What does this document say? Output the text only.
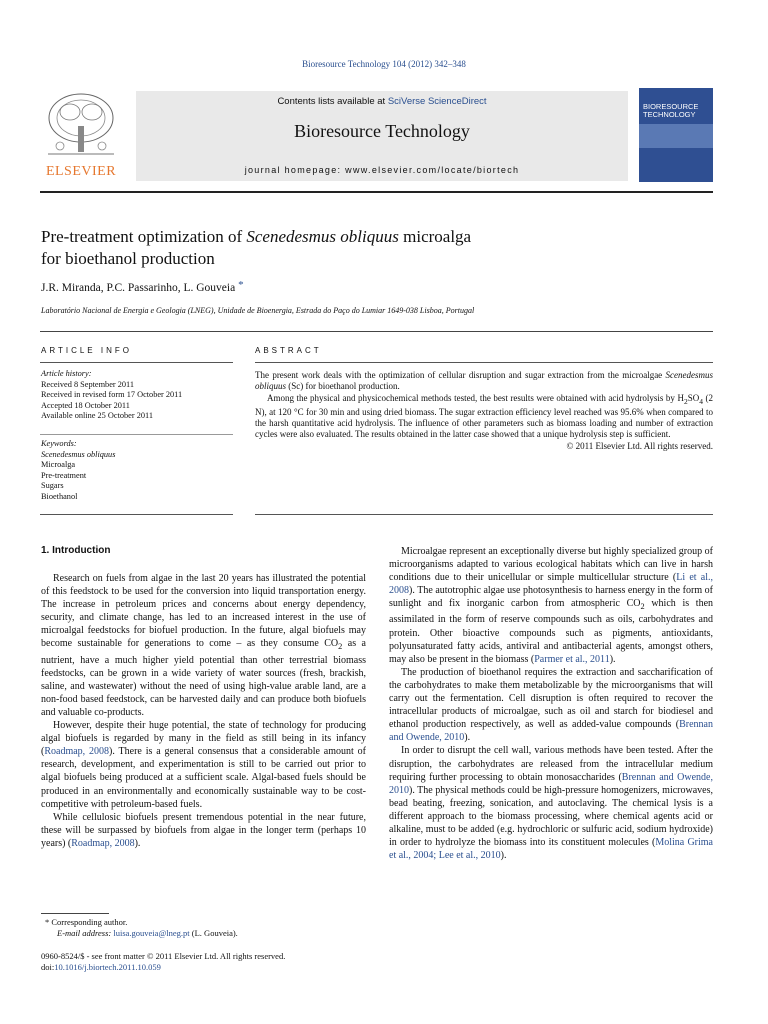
Bioresource Technology 104 (2012) 342–348
ELSEVIER
Contents lists available at SciVerse ScienceDirect
Bioresource Technology
journal homepage: www.elsevier.com/locate/biortech
BIORESOURCE TECHNOLOGY
Pre-treatment optimization of Scenedesmus obliquus microalga
for bioethanol production
J.R. Miranda, P.C. Passarinho, L. Gouveia *
Laboratório Nacional de Energia e Geologia (LNEG), Unidade de Bioenergia, Estrada do Paço do Lumiar 1649-038 Lisboa, Portugal
ARTICLE INFO
Article history:
Received 8 September 2011
Received in revised form 17 October 2011
Accepted 18 October 2011
Available online 25 October 2011
Keywords:
Scenedesmus obliquus
Microalga
Pre-treatment
Sugars
Bioethanol
ABSTRACT

The present work deals with the optimization of cellular disruption and sugar extraction from the microalgae Scenedesmus obliquus (Sc) for bioethanol production.

Among the physical and physicochemical methods tested, the best results were obtained with acid hydrolysis by $H_2SO_4$ (2 N), at 120 °C for 30 min and using dried biomass. The sugar extraction efficiency level reached was 95.6% when compared to the harsh quantitative acid hydrolysis. The influence of other parameters such as biomass loading and number of extraction cycles were also evaluated. The results obtained in the latter case showed that a unique hydrolysis step is sufficient.

© 2011 Elsevier Ltd. All rights reserved.

1. Introduction

Research on fuels from algae in the last 20 years has illustrated the potential of this feedstock to be used for the conversion into liquid transportation energy. The increase in petroleum prices and concerns about energy dependency, security, and climate change, has led to an increased interest in the use of microalgal feedstocks for biofuel production. In the future, algal biofuels may become sustainable for generations to come – as they consume $CO_2$ as a nutrient, have a much higher yield potential than other terrestrial biomass feedstocks, can be grown in a wide variety of water sources (fresh, brackish, saline, and wastewater) without the need of using high-value arable land, are a non-food based feedstock, can be harvested daily and can produce both biofuels and valuable co-products.

However, despite their huge potential, the state of technology for producing algal biofuels is regarded by many in the field as still being in its infancy (Roadmap, 2008). There is a general consensus that a considerable amount of research, development, and experimentation is still to be carried out prior to algal biofuels being produced at a sufficient scale. Algal-based fuels should be produced in an environmentally and economically sustainable way to be cost-competitive with petroleum-based fuels.

While cellulosic biofuels present tremendous potential in the near future, these will be surpassed by biofuels from algae in the longer term (perhaps 10 years) (Roadmap, 2008).

* Corresponding author.
E-mail address: luisa.gouveia@lneg.pt (L. Gouveia).
0960-8524/$ - see front matter © 2011 Elsevier Ltd. All rights reserved.
doi:10.1016/j.biortech.2011.10.059

Microalgae represent an exceptionally diverse but highly specialized group of microorganisms adapted to various ecological habitats which can live in harsh conditions due to their unicellular or simple multicellular structure (Li et al., 2008). The autotrophic algae use photosynthesis to harness energy in the form of sunlight and fix inorganic carbon from atmospheric $CO_2$ which is then assimilated in the form of reserve compounds such as oils, carbohydrates and protein. Other bioactive compounds such as pigments, antioxidants, polyunsaturated fatty acids, antiviral and antibacterial agents, amongst others, may also be present in the biomass (Parmer et al., 2011).

The production of bioethanol requires the extraction and saccharification of the carbohydrates to make them metabolizable by the microorganisms that will carry out the fermentation. Cell disruption is often required to recover the intracellular products of microalgae, such as oil and starch for biodiesel and ethanol production respectively, as well as added-value compounds (Brennan and Owende, 2010).

In order to disrupt the cell wall, various methods have been tested. After the disruption, the carbohydrates are released from the intracellular medium requiring further processing to obtain monosaccharides (Brennan and Owende, 2010). The physical methods could be high-pressure homogenizers, microwaves, bead beating, freezing, sonication, and autoclaving. The chemical lysis is a different approach to the biomass processing, where chemical agents acid or alkaline, must to be added (e.g. hydrochloric or sulfuric acid, sodium hydroxide) in order to hydrolyze the biomass into its constituent molecules (Molina Grima et al., 2004; Lee et al., 2010).
